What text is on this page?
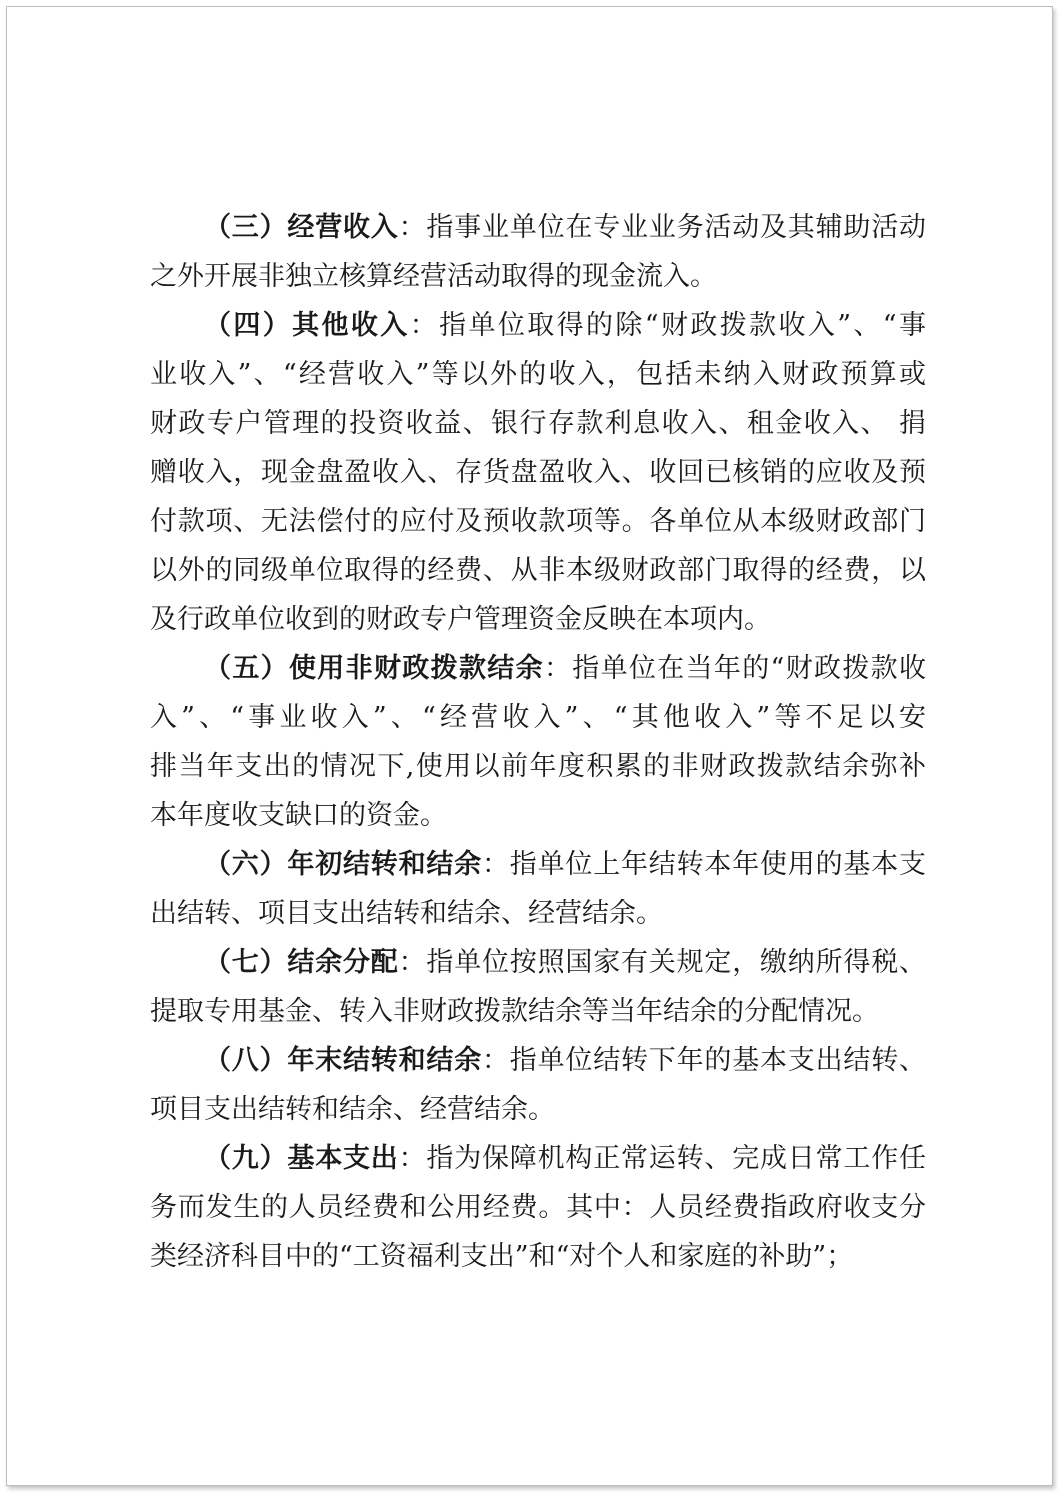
（三）经营收入：指事业单位在专业业务活动及其辅助活动
之外开展非独立核算经营活动取得的现金流入。
（四）其他收入：指单位取得的除“财政拨款收入”、“事
业收入”、“经营收入”等以外的收入，包括未纳入财政预算或
财政专户管理的投资收益、银行存款利息收入、租金收入、 捐
赠收入，现金盘盈收入、存货盘盈收入、收回已核销的应收及预
付款项、无法偿付的应付及预收款项等。各单位从本级财政部门
以外的同级单位取得的经费、从非本级财政部门取得的经费，以
及行政单位收到的财政专户管理资金反映在本项内。
（五）使用非财政拨款结余：指单位在当年的“财政拨款收
入”、“事业收入”、“经营收入”、“其他收入”等不足以安
排当年支出的情况下,使用以前年度积累的非财政拨款结余弥补
本年度收支缺口的资金。
（六）年初结转和结余：指单位上年结转本年使用的基本支
出结转、项目支出结转和结余、经营结余。
（七）结余分配：指单位按照国家有关规定，缴纳所得税、
提取专用基金、转入非财政拨款结余等当年结余的分配情况。
（八）年末结转和结余：指单位结转下年的基本支出结转、
项目支出结转和结余、经营结余。
（九）基本支出：指为保障机构正常运转、完成日常工作任
务而发生的人员经费和公用经费。其中：人员经费指政府收支分
类经济科目中的“工资福利支出”和“对个人和家庭的补助”；
